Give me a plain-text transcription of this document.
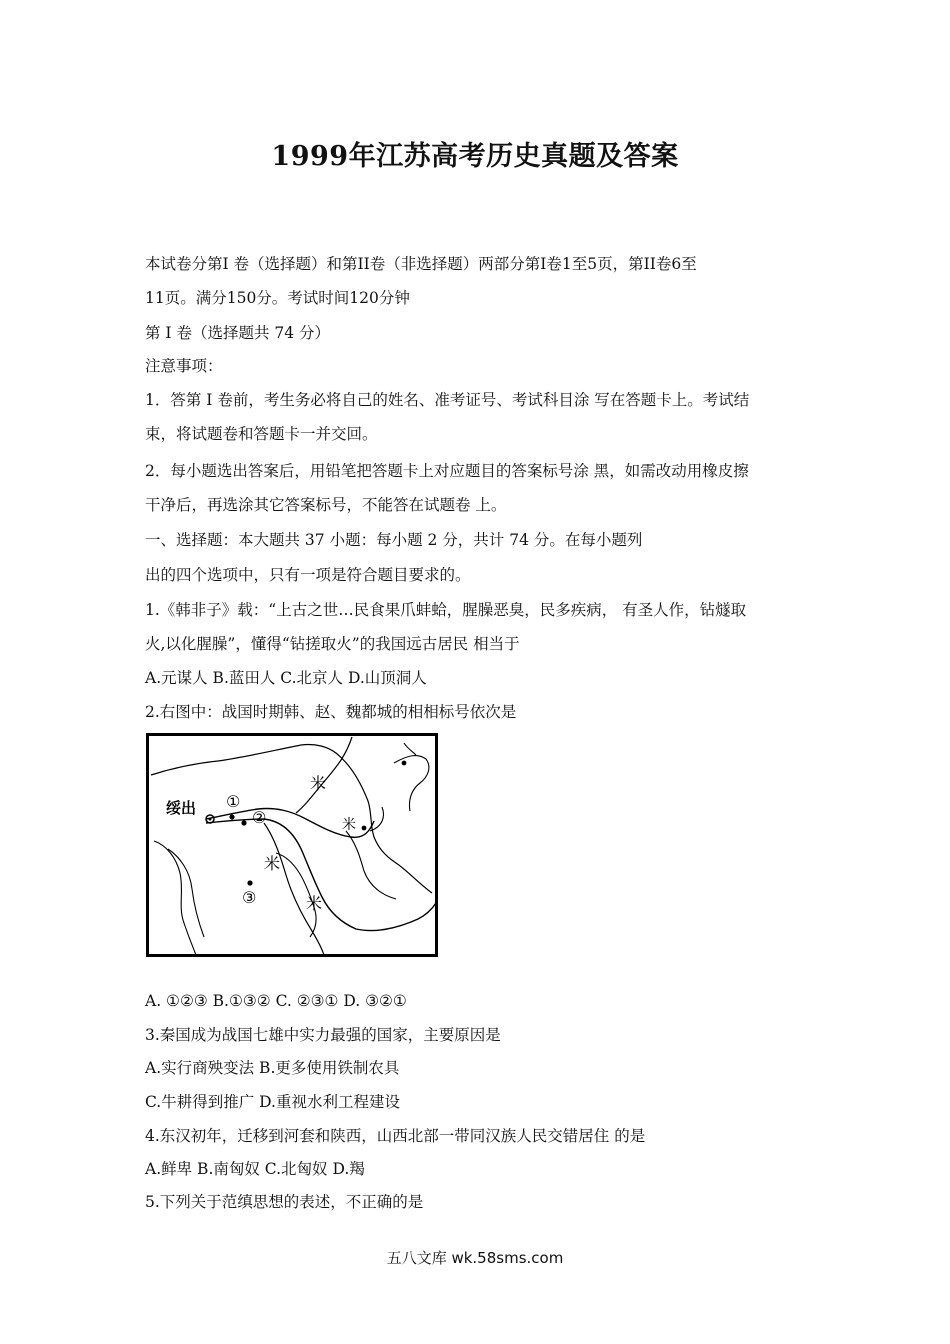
1999年江苏高考历史真题及答案
本试卷分第Ⅰ 卷（选择题）和第II卷（非选择题）两部分第Ⅰ卷1至5页，第II卷6至
11页。满分150分。考试时间120分钟
第 Ⅰ 卷（选择题共 74 分）
注意事项：
1．答第 Ⅰ 卷前，考生务必将自己的姓名、准考证号、考试科目涂 写在答题卡上。考试结
束，将试题卷和答题卡一并交回。
2．每小题选出答案后，用铅笔把答题卡上对应题目的答案标号涂 黑，如需改动用橡皮擦
干净后，再选涂其它答案标号，不能答在试题卷 上。
一、选择题：本大题共 37 小题：每小题 2 分，共计 74 分。在每小题列
出的四个选项中，只有一项是符合题目要求的。
1.《韩非子》载：“上古之世…民食果爪蚌蛤，腥臊恶臭，民多疾病， 有圣人作，钻燧取
火,以化腥臊”，懂得“钻搓取火”的我国远古居民 相当于
A.元谋人 B.蓝田人 C.北京人 D.山顶洞人
2.右图中：战国时期韩、赵、魏都城的相相标号依次是
米
米
米
米
绥出 ①
②
③
A. ①②③ B.①③② C. ②③① D. ③②①
3.秦国成为战国七雄中实力最强的国家，主要原因是
A.实行商殃变法 B.更多使用铁制农具
C.牛耕得到推广 D.重视水利工程建设
4.东汉初年，迁移到河套和陕西，山西北部一带同汉族人民交错居住 的是
A.鲜卑 B.南匈奴 C.北匈奴 D.羯
5.下列关于范缜思想的表述，不正确的是
五八文库 wk.58sms.com
